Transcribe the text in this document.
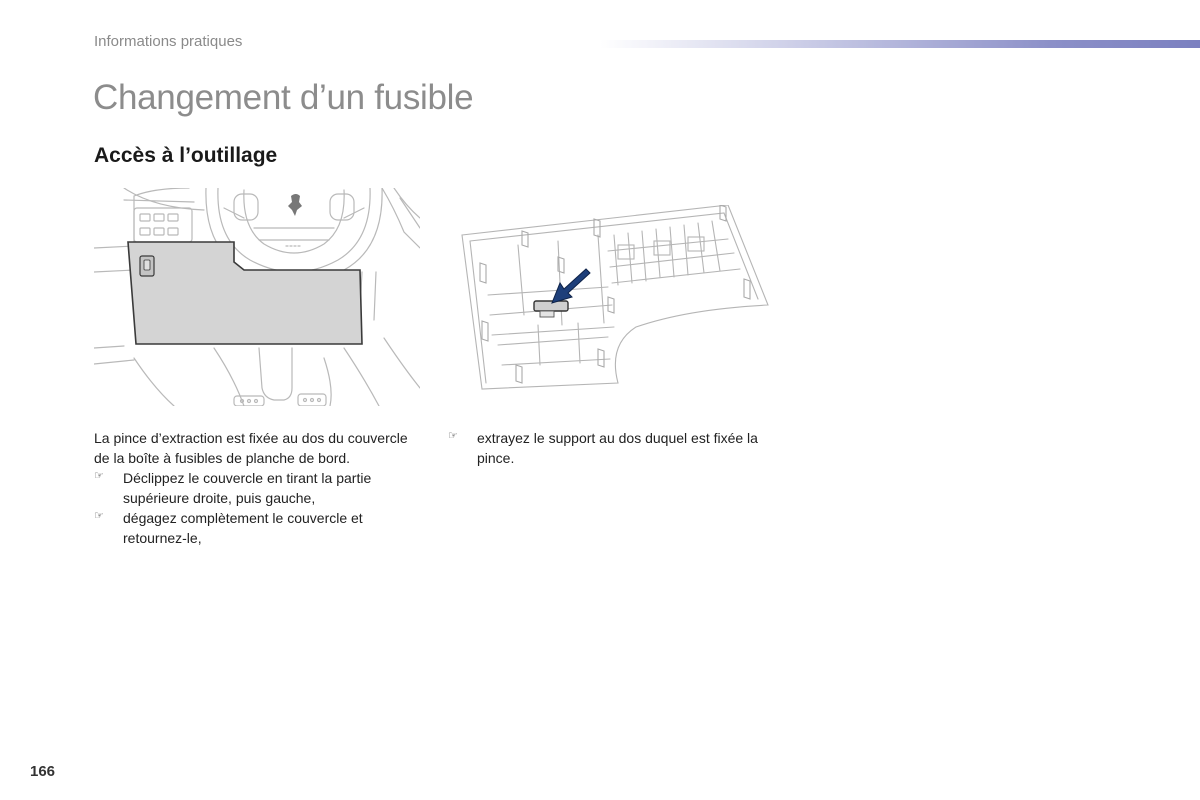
Informations pratiques
Changement d’un fusible
Accès à l’outillage

La pince d’extraction est fixée au dos du couvercle de la boîte à fusibles de planche de bord.

☞ Déclippez le couvercle en tirant la partie supérieure droite, puis gauche,
☞ dégagez complètement le couvercle et retournez-le,
☞ extrayez le support au dos duquel est fixée la pince.
166
